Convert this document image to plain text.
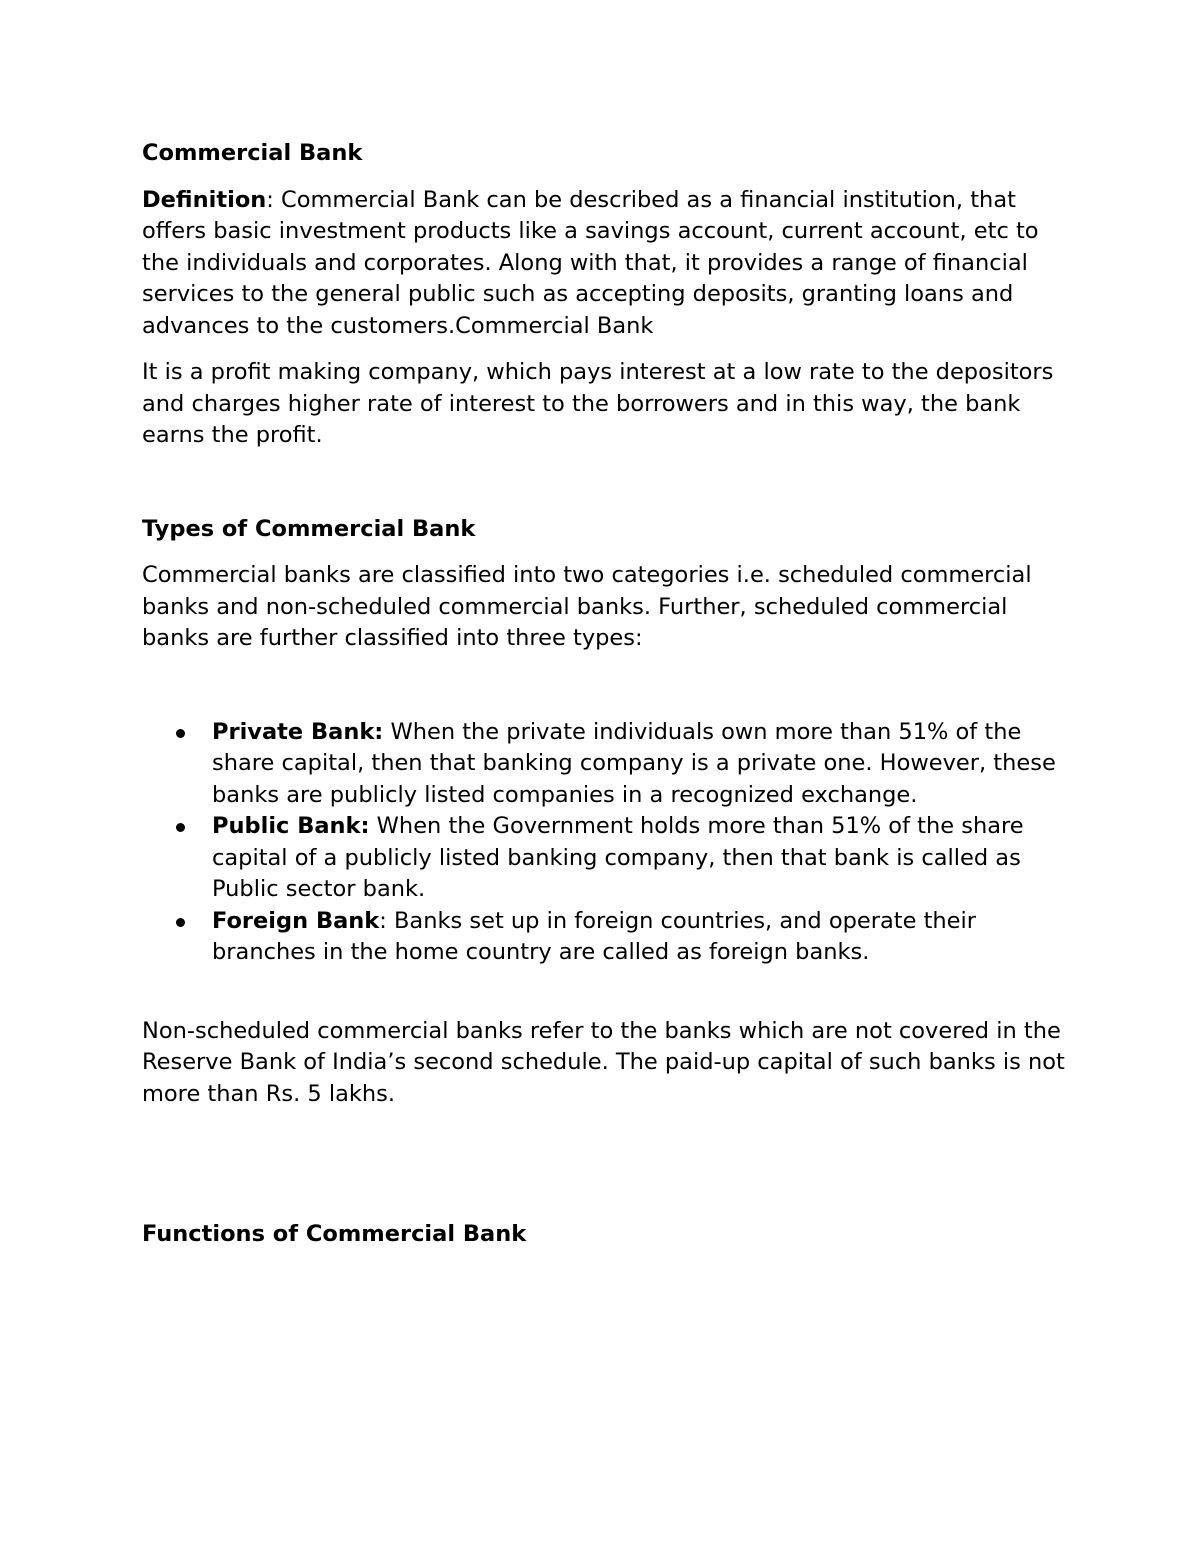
Commercial Bank

Definition: Commercial Bank can be described as a financial institution, that offers basic investment products like a savings account, current account, etc to the individuals and corporates. Along with that, it provides a range of financial services to the general public such as accepting deposits, granting loans and advances to the customers.Commercial Bank

It is a profit making company, which pays interest at a low rate to the depositors and charges higher rate of interest to the borrowers and in this way, the bank earns the profit.

Types of Commercial Bank

Commercial banks are classified into two categories i.e. scheduled commercial banks and non-scheduled commercial banks. Further, scheduled commercial banks are further classified into three types:

Private Bank: When the private individuals own more than 51% of the share capital, then that banking company is a private one. However, these banks are publicly listed companies in a recognized exchange.
Public Bank: When the Government holds more than 51% of the share capital of a publicly listed banking company, then that bank is called as Public sector bank.
Foreign Bank: Banks set up in foreign countries, and operate their branches in the home country are called as foreign banks.

Non-scheduled commercial banks refer to the banks which are not covered in the Reserve Bank of India’s second schedule. The paid-up capital of such banks is not more than Rs. 5 lakhs.

Functions of Commercial Bank
